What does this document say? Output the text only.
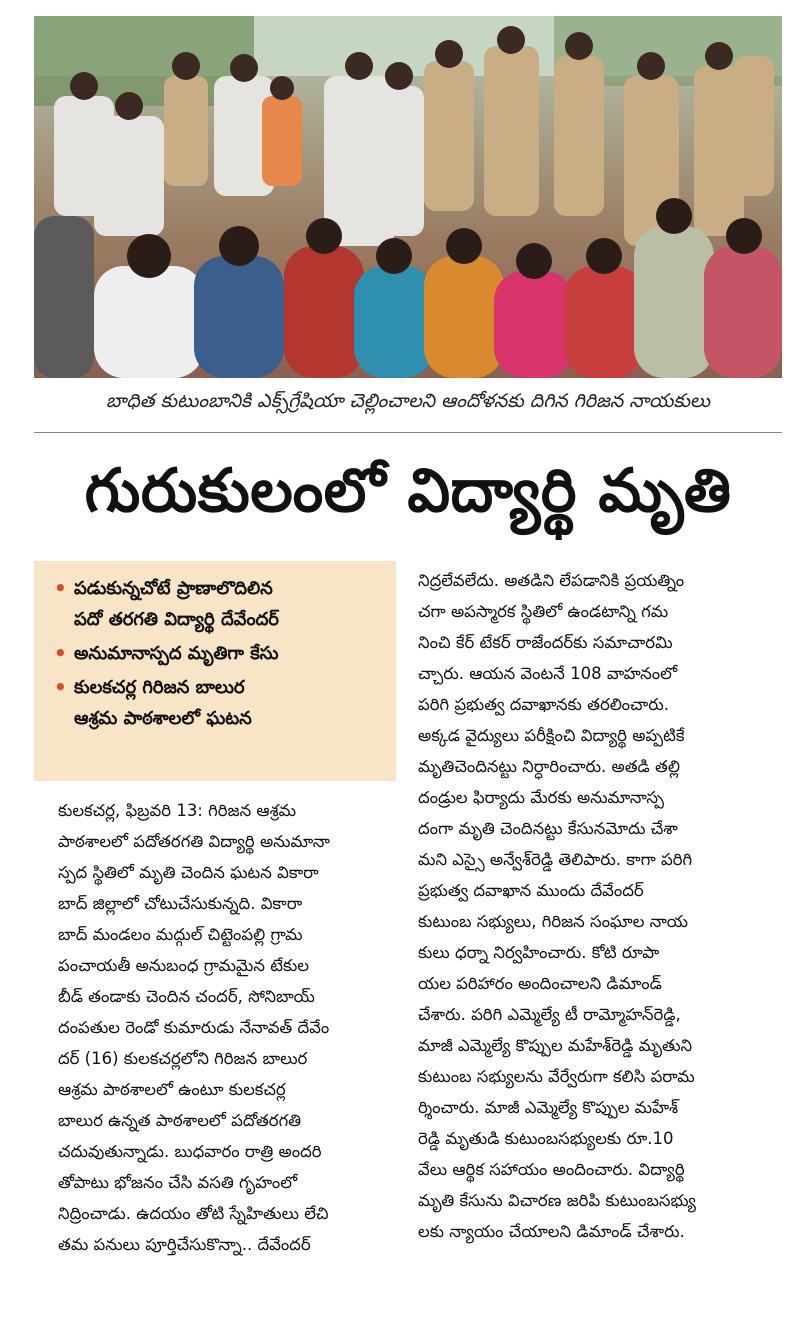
బాధిత కుటుంబానికి ఎక్స్‌గ్రేషియా చెల్లించాలని ఆందోళనకు దిగిన గిరిజన నాయకులు
గురుకులంలో విద్యార్థి మృతి
• పడుకున్నచోటే ప్రాణాలొదిలిన
పదో తరగతి విద్యార్థి దేవేందర్
• అనుమానాస్పద మృతిగా కేసు
• కులకచర్ల గిరిజన బాలుర
ఆశ్రమ పాఠశాలలో ఘటన
కులకచర్ల, ఫిబ్రవరి 13: గిరిజన ఆశ్రమ
పాఠశాలలో పదోతరగతి విద్యార్థి అనుమానా
స్పద స్థితిలో మృతి చెందిన ఘటన వికారా
బాద్ జిల్లాలో చోటుచేసుకున్నది. వికారా
బాద్ మండలం మద్గుల్ చిట్టెంపల్లి గ్రామ
పంచాయతీ అనుబంధ గ్రామమైన టేకుల
బీడ్ తండాకు చెందిన చందర్, సోనిబాయ్
దంపతుల రెండో కుమారుడు నేనావత్ దేవేం
దర్ (16) కులకచర్లలోని గిరిజన బాలుర
ఆశ్రమ పాఠశాలలో ఉంటూ కులకచర్ల
బాలుర ఉన్నత పాఠశాలలో పదోతరగతి
చదువుతున్నాడు. బుధవారం రాత్రి అందరి
తోపాటు భోజనం చేసి వసతి గృహంలో
నిద్రించాడు. ఉదయం తోటి స్నేహితులు లేచి
తమ పనులు పూర్తిచేసుకొన్నా.. దేవేందర్
నిద్రలేవలేదు. అతడిని లేపడానికి ప్రయత్నిం
చగా అపస్మారక స్థితిలో ఉండటాన్ని గమ
నించి కేర్ టేకర్ రాజేందర్‌కు సమాచారమి
చ్చారు. ఆయన వెంటనే 108 వాహనంలో
పరిగి ప్రభుత్వ దవాఖానకు తరలించారు.
అక్కడ వైద్యులు పరీక్షించి విద్యార్థి అప్పటికే
మృతిచెందినట్టు నిర్ధారించారు. అతడి తల్లి
దండ్రుల ఫిర్యాదు మేరకు అనుమానాస్ప
దంగా మృతి చెందినట్టు కేసునమోదు చేశా
మని ఎస్సై అన్వేశ్‌రెడ్డి తెలిపారు. కాగా పరిగి
ప్రభుత్వ దవాఖాన ముందు దేవేందర్
కుటుంబ సభ్యులు, గిరిజన సంఘాల నాయ
కులు ధర్నా నిర్వహించారు. కోటి రూపా
యల పరిహారం అందించాలని డిమాండ్
చేశారు. పరిగి ఎమ్మెల్యే టీ రామ్మోహన్‌రెడ్డి,
మాజీ ఎమ్మెల్యే కొప్పుల మహేశ్‌రెడ్డి మృతుని
కుటుంబ సభ్యులను వేర్వేరుగా కలిసి పరామ
ర్శించారు. మాజీ ఎమ్మెల్యే కొప్పుల మహేశ్
రెడ్డి మృతుడి కుటుంబసభ్యులకు రూ.10
వేలు ఆర్థిక సహాయం అందించారు. విద్యార్థి
మృతి కేసును విచారణ జరిపి కుటుంబసభ్యు
లకు న్యాయం చేయాలని డిమాండ్ చేశారు.
